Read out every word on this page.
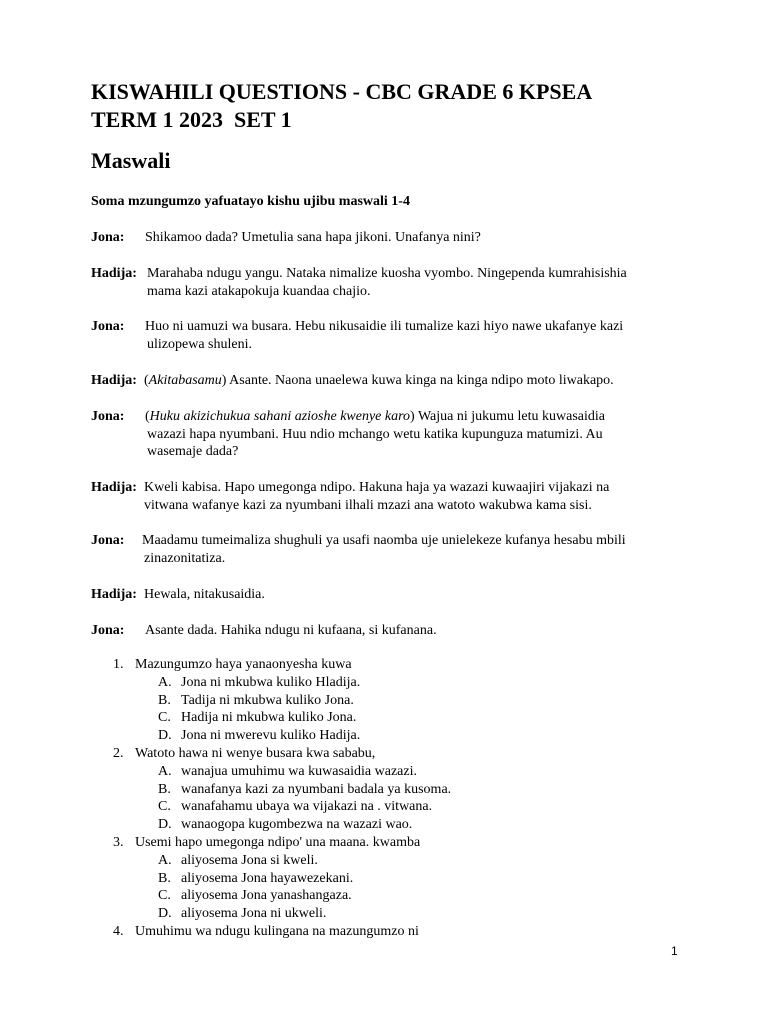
KISWAHILI QUESTIONS - CBC GRADE 6 KPSEA
TERM 1 2023  SET 1
Maswali
Soma mzungumzo yafuatayo kishu ujibu maswali 1-4
Jona: Shikamoo dada? Umetulia sana hapa jikoni. Unafanya nini?
Hadija: Marahaba ndugu yangu. Nataka nimalize kuosha vyombo. Ningependa kumrahisishia
mama kazi atakapokuja kuandaa chajio.
Jona: Huo ni uamuzi wa busara. Hebu nikusaidie ili tumalize kazi hiyo nawe ukafanye kazi
ulizopewa shuleni.
Hadija: (Akitabasamu) Asante. Naona unaelewa kuwa kinga na kinga ndipo moto liwakapo.
Jona: (Huku akizichukua sahani azioshe kwenye karo) Wajua ni jukumu letu kuwasaidia
wazazi hapa nyumbani. Huu ndio mchango wetu katika kupunguza matumizi. Au
wasemaje dada?
Hadija: Kweli kabisa. Hapo umegonga ndipo. Hakuna haja ya wazazi kuwaajiri vijakazi na
vitwana wafanye kazi za nyumbani ilhali mzazi ana watoto wakubwa kama sisi.
Jona: Maadamu tumeimaliza shughuli ya usafi naomba uje unielekeze kufanya hesabu mbili
zinazonitatiza.
Hadija: Hewala, nitakusaidia.
Jona: Asante dada. Hahika ndugu ni kufaana, si kufanana.
1. Mazungumzo haya yanaonyesha kuwa
A. Jona ni mkubwa kuliko Hladija.
B. Tadija ni mkubwa kuliko Jona.
C. Hadija ni mkubwa kuliko Jona.
D. Jona ni mwerevu kuliko Hadija.
2. Watoto hawa ni wenye busara kwa sababu,
A. wanajua umuhimu wa kuwasaidia wazazi.
B. wanafanya kazi za nyumbani badala ya kusoma.
C. wanafahamu ubaya wa vijakazi na . vitwana.
D. wanaogopa kugombezwa na wazazi wao.
3. Usemi hapo umegonga ndipo' una maana. kwamba
A. aliyosema Jona si kweli.
B. aliyosema Jona hayawezekani.
C. aliyosema Jona yanashangaza.
D. aliyosema Jona ni ukweli.
4. Umuhimu wa ndugu kulingana na mazungumzo ni
1
